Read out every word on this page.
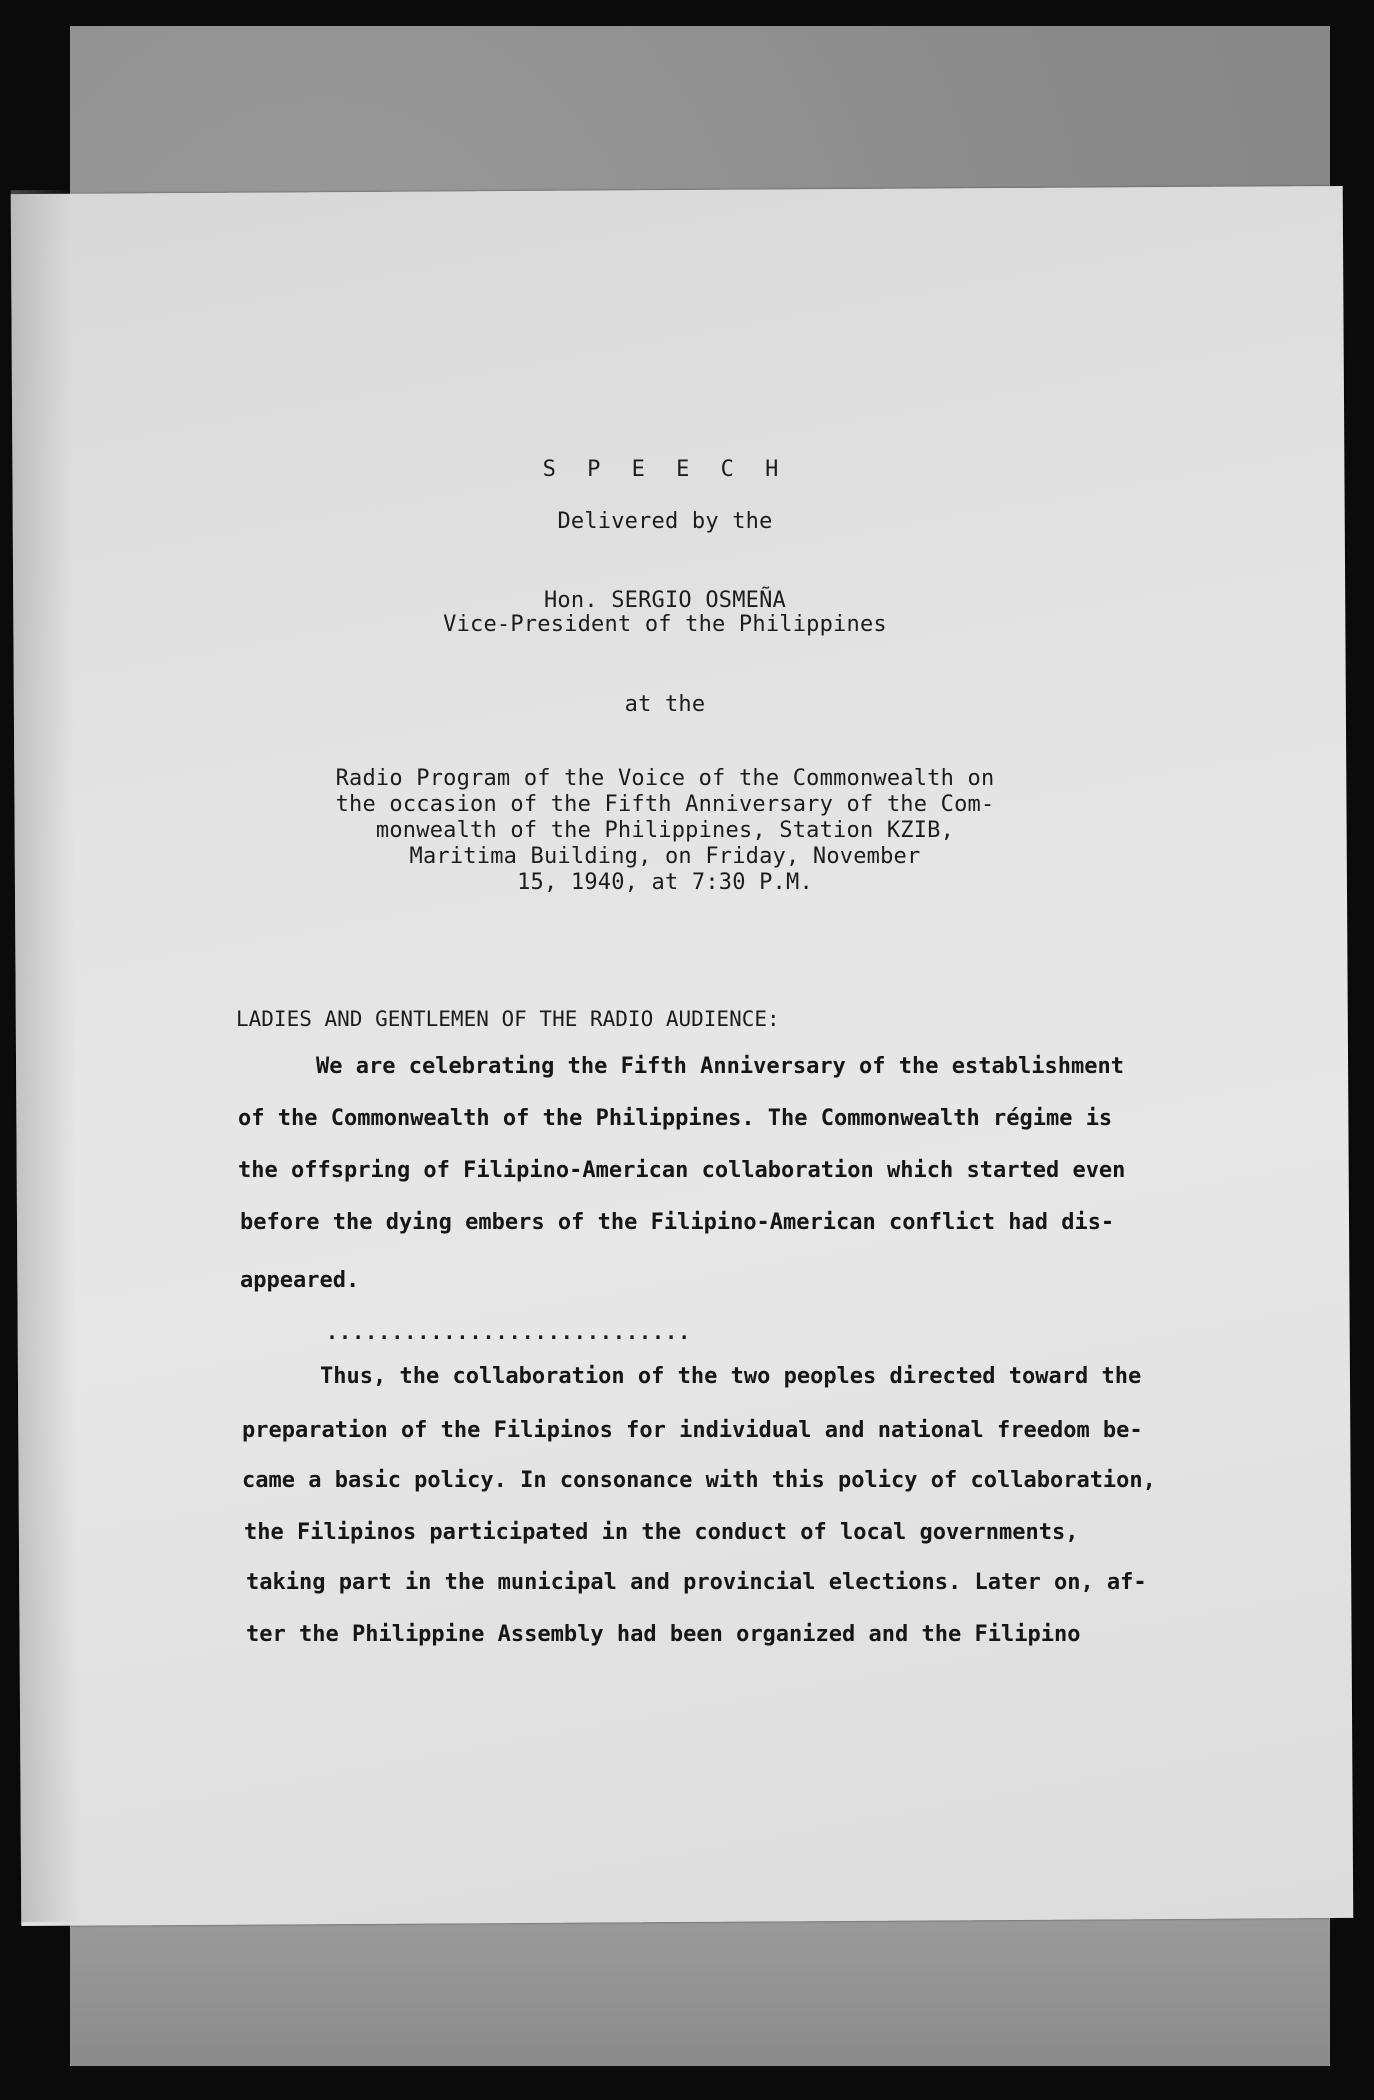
S P E E C H
Delivered by the
Hon. SERGIO OSMEÑA
Vice-President of the Philippines
at the
Radio Program of the Voice of the Commonwealth on
the occasion of the Fifth Anniversary of the Com-
monwealth of the Philippines, Station KZIB,
Maritima Building, on Friday, November
15, 1940, at 7:30 P.M.
LADIES AND GENTLEMEN OF THE RADIO AUDIENCE:
We are celebrating the Fifth Anniversary of the establishment
of the Commonwealth of the Philippines. The Commonwealth régime is
the offspring of Filipino-American collaboration which started even
before the dying embers of the Filipino-American conflict had dis-
appeared.
............................
Thus, the collaboration of the two peoples directed toward the
preparation of the Filipinos for individual and national freedom be-
came a basic policy. In consonance with this policy of collaboration,
the Filipinos participated in the conduct of local governments,
taking part in the municipal and provincial elections. Later on, af-
ter the Philippine Assembly had been organized and the Filipino
